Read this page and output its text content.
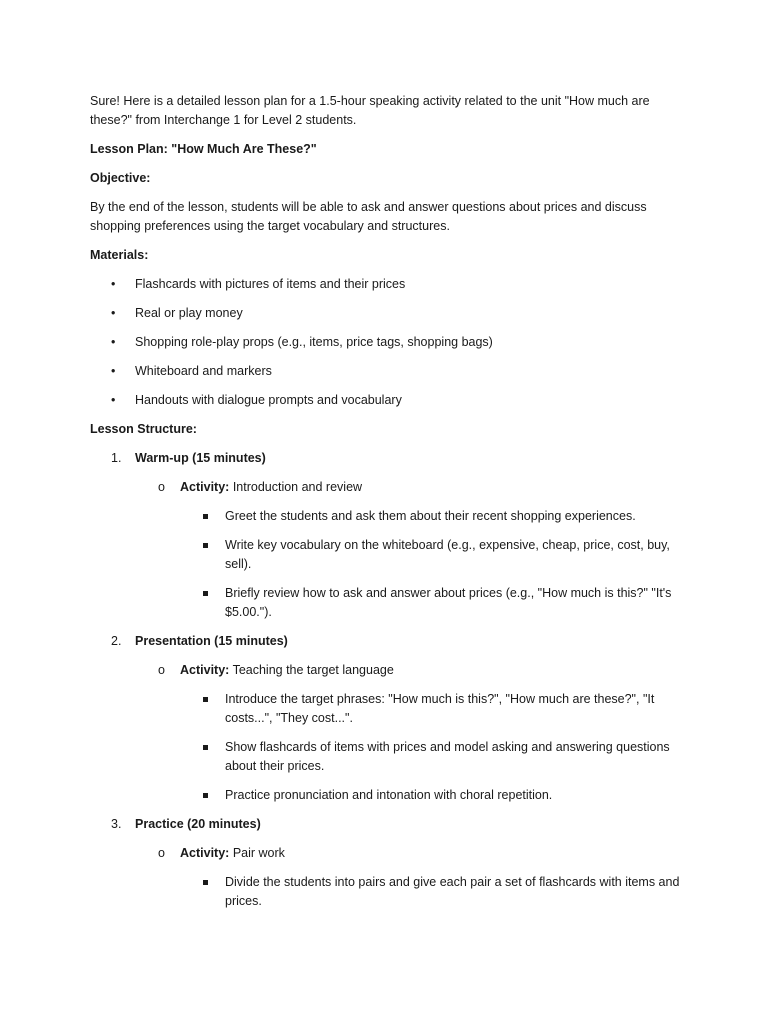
Sure! Here is a detailed lesson plan for a 1.5-hour speaking activity related to the unit "How much are these?" from Interchange 1 for Level 2 students.

Lesson Plan: "How Much Are These?"

Objective:

By the end of the lesson, students will be able to ask and answer questions about prices and discuss shopping preferences using the target vocabulary and structures.

Materials:

• Flashcards with pictures of items and their prices
• Real or play money
• Shopping role-play props (e.g., items, price tags, shopping bags)
• Whiteboard and markers
• Handouts with dialogue prompts and vocabulary

Lesson Structure:

1. Warm-up (15 minutes)
o Activity: Introduction and review
Greet the students and ask them about their recent shopping experiences.
Write key vocabulary on the whiteboard (e.g., expensive, cheap, price, cost, buy, sell).
Briefly review how to ask and answer about prices (e.g., "How much is this?" "It's $5.00.").
2. Presentation (15 minutes)
o Activity: Teaching the target language
Introduce the target phrases: "How much is this?", "How much are these?", "It costs...", "They cost...".
Show flashcards of items with prices and model asking and answering questions about their prices.
Practice pronunciation and intonation with choral repetition.
3. Practice (20 minutes)
o Activity: Pair work
Divide the students into pairs and give each pair a set of flashcards with items and prices.
